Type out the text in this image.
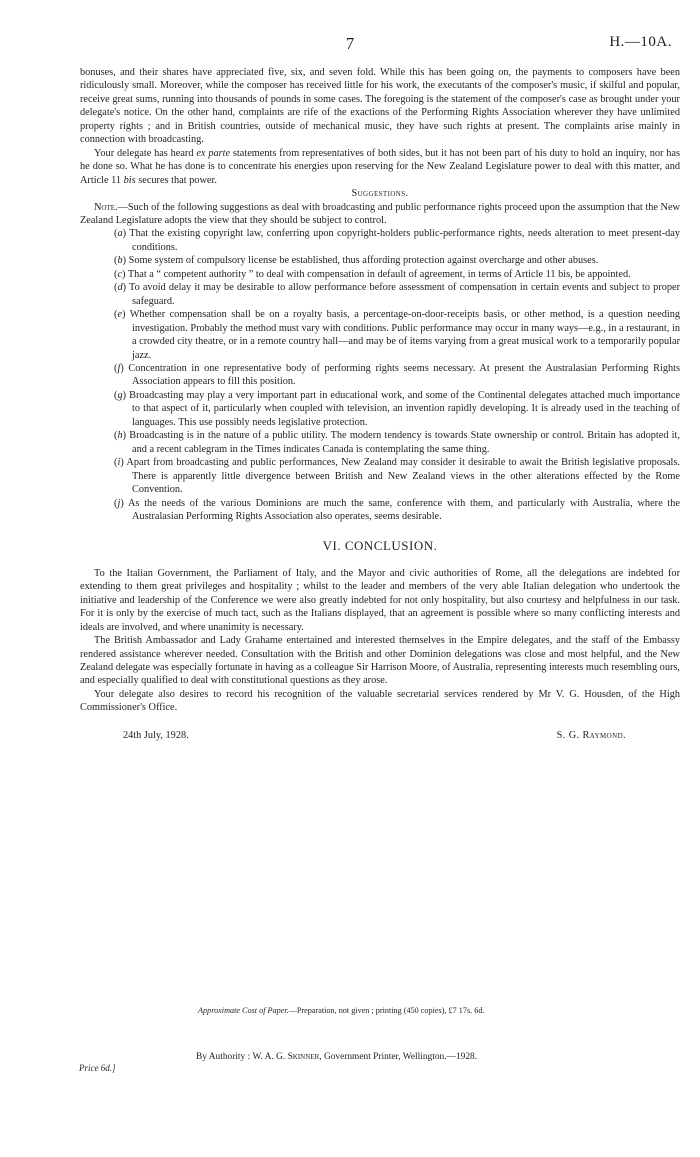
7	H.—10A.

bonuses, and their shares have appreciated five, six, and seven fold. While this has been going on, the payments to composers have been ridiculously small. Moreover, while the composer has received little for his work, the executants of the composer's music, if skilful and popular, receive great sums, running into thousands of pounds in some cases. The foregoing is the statement of the composer's case as brought under your delegate's notice. On the other hand, complaints are rife of the exactions of the Performing Rights Association wherever they have unlimited property rights ; and in British countries, outside of mechanical music, they have such rights at present. The complaints arise mainly in connection with broadcasting.

Your delegate has heard ex parte statements from representatives of both sides, but it has not been part of his duty to hold an inquiry, nor has he done so. What he has done is to concentrate his energies upon reserving for the New Zealand Legislature power to deal with this matter, and Article 11 bis secures that power.

Suggestions.

Note.—Such of the following suggestions as deal with broadcasting and public performance rights proceed upon the assumption that the New Zealand Legislature adopts the view that they should be subject to control.

(a) That the existing copyright law, conferring upon copyright-holders public-performance rights, needs alteration to meet present-day conditions.
(b) Some system of compulsory license be established, thus affording protection against overcharge and other abuses.
(c) That a “ competent authority ” to deal with compensation in default of agreement, in terms of Article 11 bis, be appointed.
(d) To avoid delay it may be desirable to allow performance before assessment of compensation in certain events and subject to proper safeguard.
(e) Whether compensation shall be on a royalty basis, a percentage-on-door-receipts basis, or other method, is a question needing investigation. Probably the method must vary with conditions. Public performance may occur in many ways—e.g., in a restaurant, in a crowded city theatre, or in a remote country hall—and may be of items varying from a great musical work to a temporarily popular jazz.
(f) Concentration in one representative body of performing rights seems necessary. At present the Australasian Performing Rights Association appears to fill this position.
(g) Broadcasting may play a very important part in educational work, and some of the Continental delegates attached much importance to that aspect of it, particularly when coupled with television, an invention rapidly developing. It is already used in the teaching of languages. This use possibly needs legislative protection.
(h) Broadcasting is in the nature of a public utility. The modern tendency is towards State ownership or control. Britain has adopted it, and a recent cablegram in the Times indicates Canada is contemplating the same thing.
(i) Apart from broadcasting and public performances, New Zealand may consider it desirable to await the British legislative proposals. There is apparently little divergence between British and New Zealand views in the other alterations effected by the Rome Convention.
(j) As the needs of the various Dominions are much the same, conference with them, and particularly with Australia, where the Australasian Performing Rights Association also operates, seems desirable.

VI. CONCLUSION.

To the Italian Government, the Parliament of Italy, and the Mayor and civic authorities of Rome, all the delegations are indebted for extending to them great privileges and hospitality ; whilst to the leader and members of the very able Italian delegation who undertook the initiative and leadership of the Conference we were also greatly indebted for not only hospitality, but also courtesy and helpfulness in our task. For it is only by the exercise of much tact, such as the Italians displayed, that an agreement is possible where so many conflicting interests and ideals are involved, and where unanimity is necessary.

The British Ambassador and Lady Grahame entertained and interested themselves in the Empire delegates, and the staff of the Embassy rendered assistance wherever needed. Consultation with the British and other Dominion delegations was close and most helpful, and the New Zealand delegate was especially fortunate in having as a colleague Sir Harrison Moore, of Australia, representing interests much resembling ours, and especially qualified to deal with constitutional questions as they arose.

Your delegate also desires to record his recognition of the valuable secretarial services rendered by Mr V. G. Housden, of the High Commissioner's Office.

24th July, 1928.	S. G. Raymond.
Approximate Cost of Paper.—Preparation, not given ; printing (450 copies), £7 17s. 6d.
By Authority : W. A. G. Skinner, Government Printer, Wellington.—1928.
Price 6d.]
